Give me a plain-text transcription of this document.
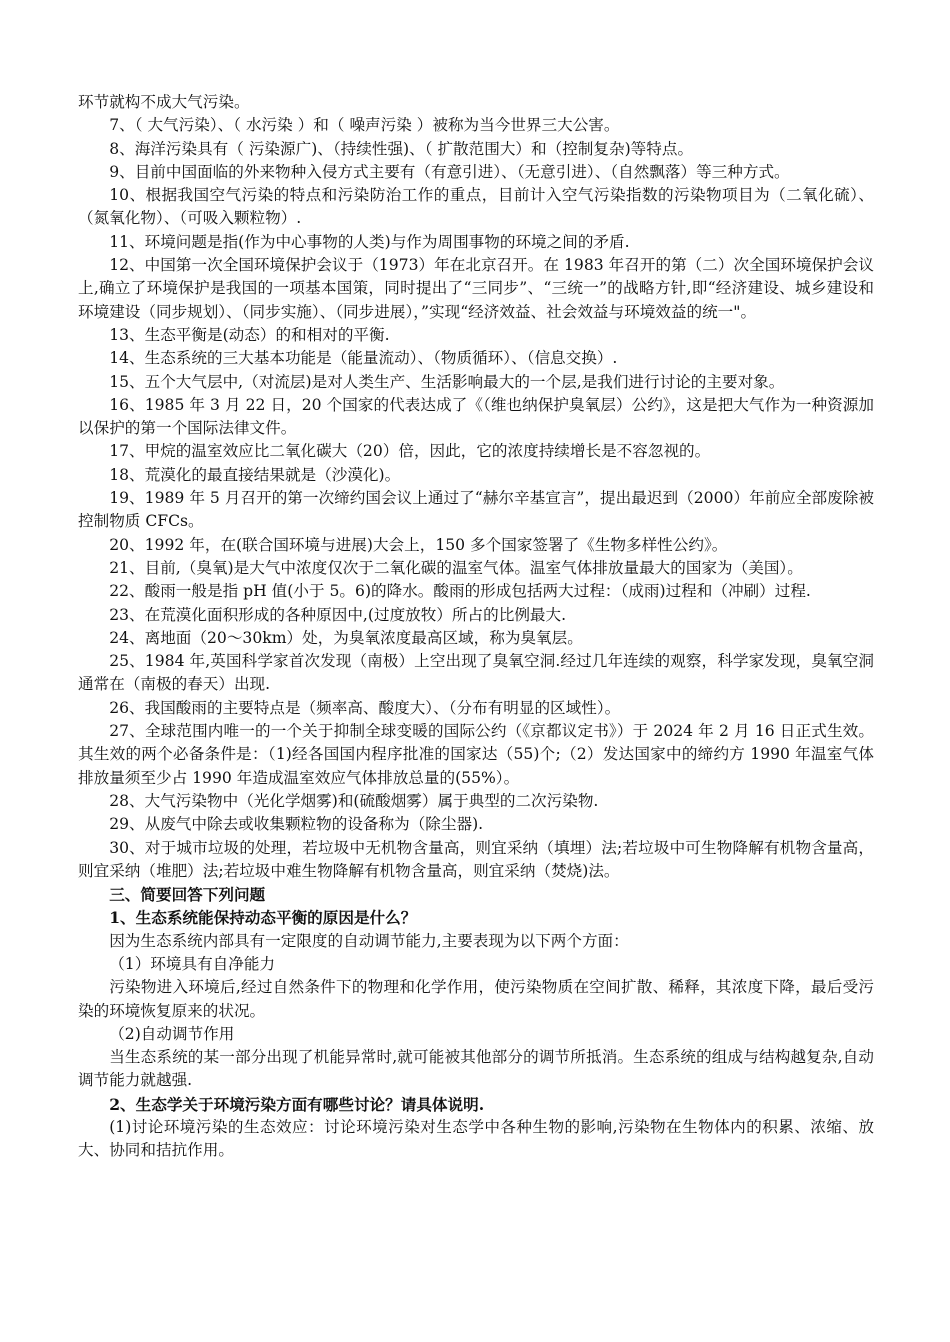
环节就构不成大气污染。

7、（ 大气污染）、（ 水污染 ）和（ 噪声污染 ）被称为当今世界三大公害。

8、海洋污染具有（ 污染源广)、（持续性强)、（ 扩散范围大）和（控制复杂)等特点。

9、目前中国面临的外来物种入侵方式主要有（有意引进）、（无意引进）、（自然飘落）等三种方式。

10、根据我国空气污染的特点和污染防治工作的重点，目前计入空气污染指数的污染物项目为（二氧化硫）、（氮氧化物）、（可吸入颗粒物）.

11、环境问题是指(作为中心事物的人类)与作为周围事物的环境之间的矛盾.

12、中国第一次全国环境保护会议于（1973）年在北京召开。在 1983 年召开的第（二）次全国环境保护会议上,确立了环境保护是我国的一项基本国策，同时提出了“三同步”、“三统一”的战略方针,即“经济建设、城乡建设和环境建设（同步规划）、（同步实施）、（同步进展），”实现“经济效益、社会效益与环境效益的统一"。

13、生态平衡是(动态）的和相对的平衡.

14、生态系统的三大基本功能是（能量流动）、（物质循环）、（信息交换）.

15、五个大气层中,（对流层)是对人类生产、生活影响最大的一个层,是我们进行讨论的主要对象。

16、1985 年 3 月 22 日，20 个国家的代表达成了《（维也纳保护臭氧层）公约》，这是把大气作为一种资源加以保护的第一个国际法律文件。

17、甲烷的温室效应比二氧化碳大（20）倍，因此，它的浓度持续增长是不容忽视的。

18、荒漠化的最直接结果就是（沙漠化)。

19、1989 年 5 月召开的第一次缔约国会议上通过了“赫尔辛基宣言”，提出最迟到（2000）年前应全部废除被控制物质 CFCs。

20、1992 年，在(联合国环境与进展)大会上，150 多个国家签署了《生物多样性公约》。

21、目前,（臭氧)是大气中浓度仅次于二氧化碳的温室气体。温室气体排放量最大的国家为（美国）。

22、酸雨一般是指 pH 值(小于 5。6)的降水。酸雨的形成包括两大过程：（成雨)过程和（冲刷）过程.

23、在荒漠化面积形成的各种原因中,(过度放牧）所占的比例最大.

24、离地面（20～30km）处，为臭氧浓度最高区域，称为臭氧层。

25、1984 年,英国科学家首次发现（南极）上空出现了臭氧空洞.经过几年连续的观察，科学家发现，臭氧空洞通常在（南极的春天）出现.

26、我国酸雨的主要特点是（频率高、酸度大）、（分布有明显的区域性）。

27、全球范围内唯一的一个关于抑制全球变暖的国际公约（《京都议定书》）于 2024 年 2 月 16 日正式生效。其生效的两个必备条件是：（1)经各国国内程序批准的国家达（55)个;（2）发达国家中的缔约方 1990 年温室气体排放量须至少占 1990 年造成温室效应气体排放总量的(55%）。

28、大气污染物中（光化学烟雾)和(硫酸烟雾）属于典型的二次污染物.

29、从废气中除去或收集颗粒物的设备称为（除尘器).

30、对于城市垃圾的处理，若垃圾中无机物含量高，则宜采纳（填埋）法;若垃圾中可生物降解有机物含量高，则宜采纳（堆肥）法;若垃圾中难生物降解有机物含量高，则宜采纳（焚烧)法。

三、简要回答下列问题

1、生态系统能保持动态平衡的原因是什么？

因为生态系统内部具有一定限度的自动调节能力,主要表现为以下两个方面：

（1）环境具有自净能力

污染物进入环境后,经过自然条件下的物理和化学作用，使污染物质在空间扩散、稀释，其浓度下降，最后受污染的环境恢复原来的状况。

（2)自动调节作用

当生态系统的某一部分出现了机能异常时,就可能被其他部分的调节所抵消。生态系统的组成与结构越复杂,自动调节能力就越强.

2、生态学关于环境污染方面有哪些讨论？请具体说明.

(1)讨论环境污染的生态效应：讨论环境污染对生态学中各种生物的影响,污染物在生物体内的积累、浓缩、放大、协同和拮抗作用。
